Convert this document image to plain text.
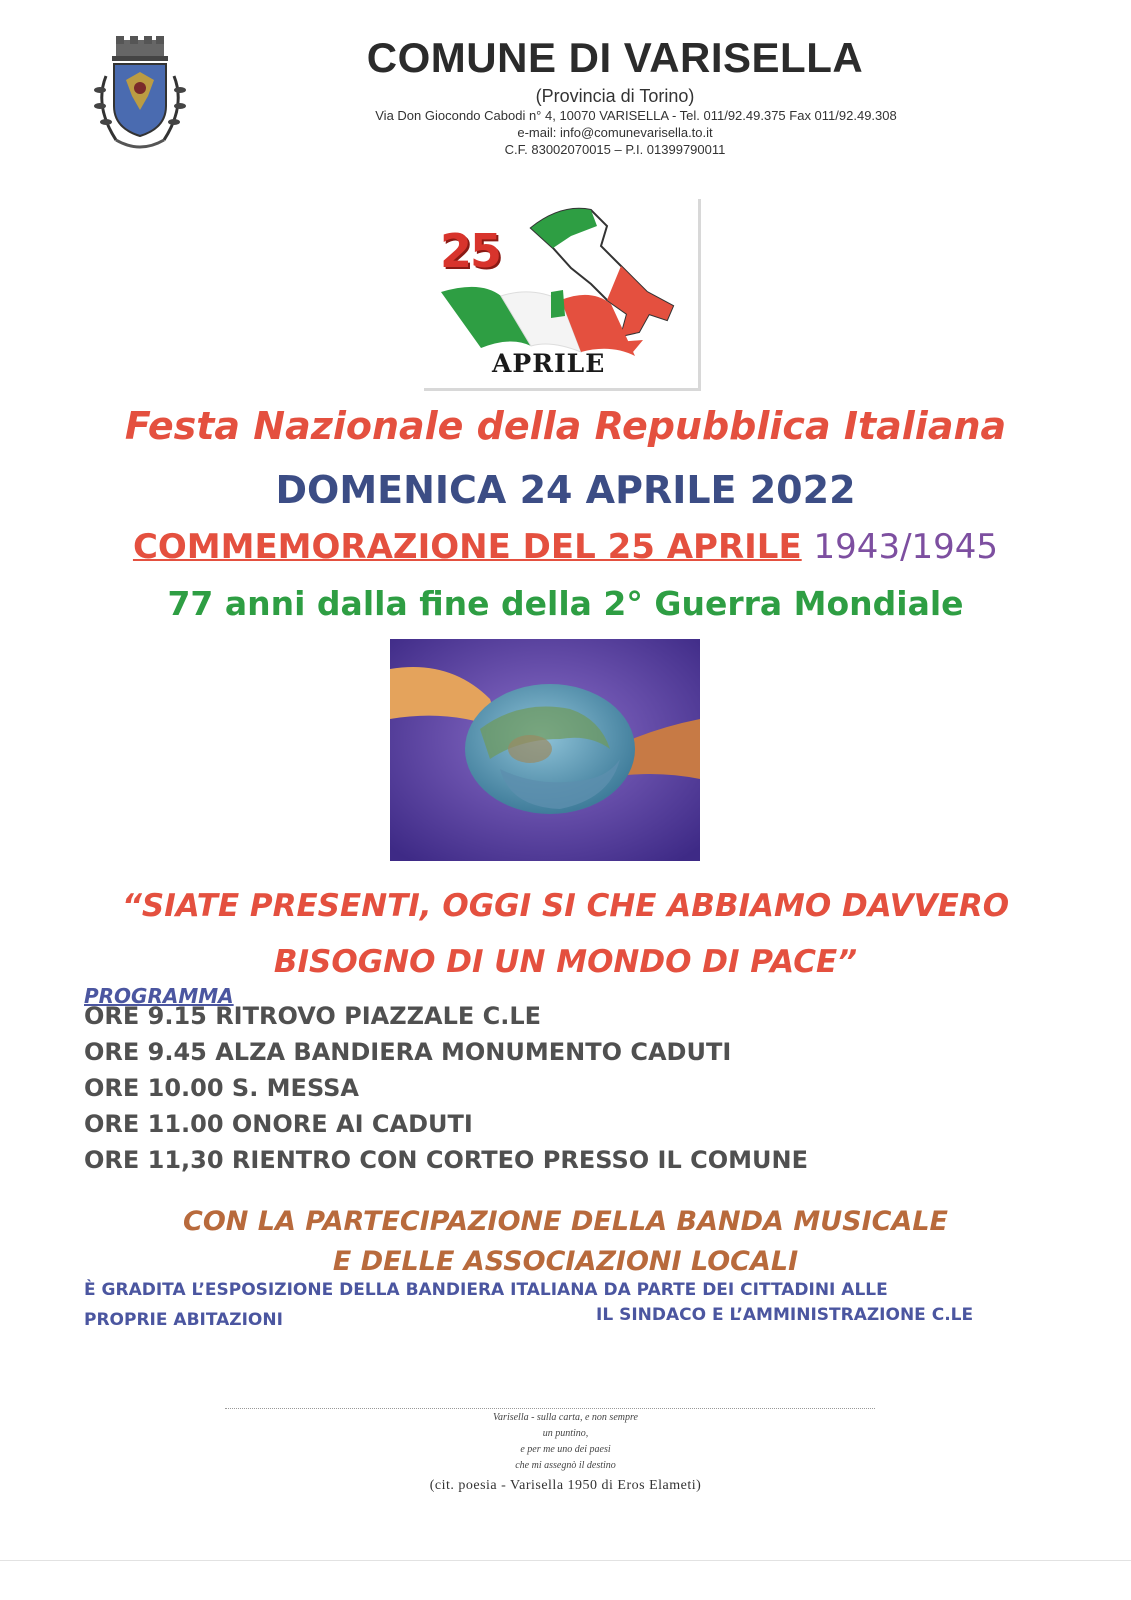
COMUNE DI VARISELLA
(Provincia di Torino)
Via Don Giocondo Cabodi n° 4, 10070 VARISELLA - Tel. 011/92.49.375 Fax 011/92.49.308
e-mail: info@comunevarisella.to.it
C.F. 83002070015 – P.I. 01399790011
25
APRILE
Festa Nazionale della Repubblica Italiana
DOMENICA 24 APRILE 2022
COMMEMORAZIONE DEL 25 APRILE 1943/1945
77 anni dalla fine della 2° Guerra Mondiale
“SIATE PRESENTI, OGGI SI CHE ABBIAMO DAVVERO
BISOGNO DI UN MONDO DI PACE”
PROGRAMMA
ORE 9.15 RITROVO PIAZZALE C.LE
ORE 9.45 ALZA BANDIERA MONUMENTO CADUTI
ORE 10.00 S. MESSA
ORE 11.00 ONORE AI CADUTI
ORE 11,30 RIENTRO CON CORTEO PRESSO IL COMUNE
CON LA PARTECIPAZIONE DELLA BANDA MUSICALE
E DELLE ASSOCIAZIONI LOCALI
È GRADITA L’ESPOSIZIONE DELLA BANDIERA ITALIANA DA PARTE DEI CITTADINI ALLE
PROPRIE ABITAZIONI	IL SINDACO E L’AMMINISTRAZIONE C.LE
Varisella - sulla carta, e non sempre
un puntino,
e per me uno dei paesi
che mi assegnò il destino
(cit. poesia - Varisella 1950 di Eros Elameti)
